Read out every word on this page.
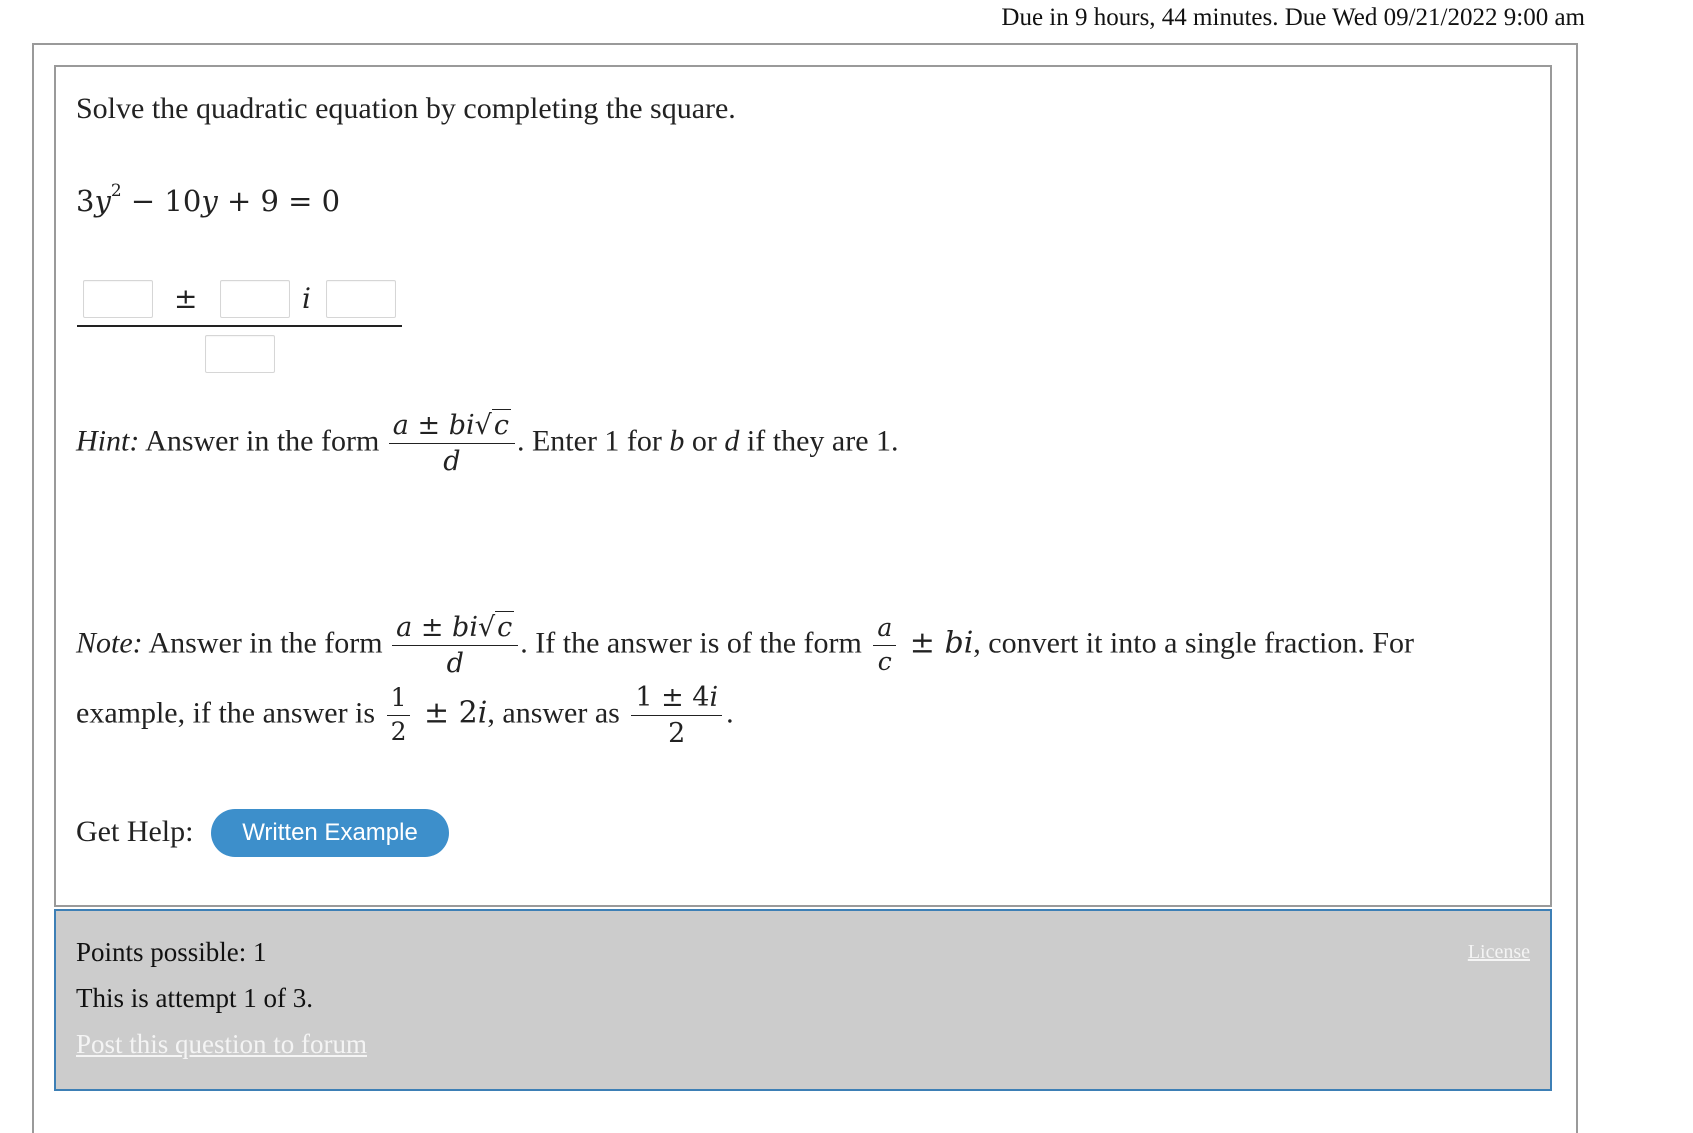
Due in 9 hours, 44 minutes. Due Wed 09/21/2022 9:00 am
Solve the quadratic equation by completing the square.
$3y^2 - 10y + 9 = 0$
±	i
Hint: Answer in the form $\frac{a \pm bi√c}{d}$ . Enter 1 for b or d if they are 1.
Note: Answer in the form $\frac{a \pm bi√c}{d}$ . If the answer is of the form $\frac{a}{c}$ ± bi, convert it into a single fraction. For
example, if the answer is $\frac{1}{2} \pm 2i$, answer as $\frac{1 \pm 4i}{2}$ .
Get Help:	Written Example
Points possible: 1
This is attempt 1 of 3.
Post this question to forum
License
